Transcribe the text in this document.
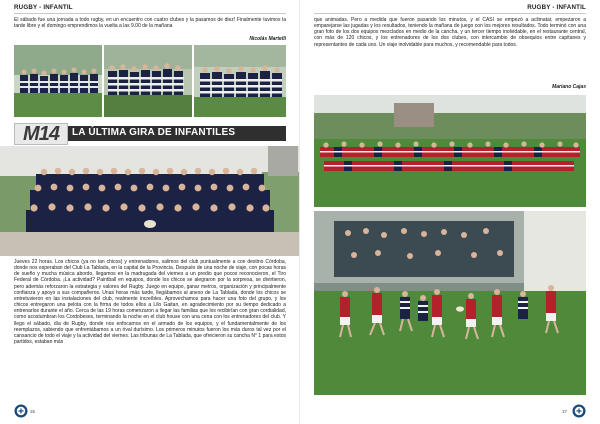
RUGBY - INFANTIL
El sábado fue una jornada a todo rugby, en un encuentro con cuatro clubes y la pasamos de diez! Finalmente tuvimos la tarde libre y el domingo emprendimos la vuelta a las 9.00 de la mañana
Nicolás Martelli
M14	LA ÚLTIMA GIRA DE INFANTILES
Jueves 22 horas. Los chicos (ya no tan chicos) y entrenadores, salimos del club puntualmente a con destino Córdoba, donde nos esperaban del Club La Tablada, en la capital de la Provincia. Después de una noche de viaje, con pocas horas de sueño y mucha música abordo, llegamos en la madrugada del viernes a un predio que pocos reconocieron, el Tiro Federal de Córdoba. ¡La actividad? Paintball en equipos, donde los chicos se alegraron por la sorpresa, se divirtieron, pero además reforzaron la estrategia y valores del Rugby. Juego en equipo, ganar metros, organización y principalmente confianza y apoyo a sus compañeros. Unas horas más tarde, llegábamos al anexo de La Tablada, donde los chicos se entretuvieron en las instalaciones del club, realmente increíbles. Aprovechamos para hacer una foto del grupo, y los chicos entregaron una pelota con la firma de todos ellos a Lilo Gaitan, en agradecimiento por su tiempo dedicado a entrenarlos durante el año. Cerca de las 19 horas comenzaron a llegar las familias que los recibirían con gran cordialidad, como acostumbran los Cordobeses, terminando la noche en el club house con una cena con los entrenadores del club. Y llego el sábado, día de Rugby, donde nos enfocamos en el armado de los equipos, y el fundamentalmente de los reemplazos, sabiendo que enfrentábamos a un rival durísimo. Los primeros minutos fueron los más duros tal vez por el cansancio de todo el viaje y la actividad del viernes. Las tribunas de La Tablada, que ofrecieron su cancha N° 1 para estos partidos, estaban más
36
RUGBY - INFANTIL
que animadas. Pero a medida que fueron pasando los minutos, y el CASI se empezó a aclimatar, empezaron a emparejarse las jugadas y los resultados, teniendo la mañana de juego con los mejores resultados. Todo terminó con una gran foto de los dos equipos mezclados en medio de la cancha, y un tercer tiempo inolvidable, en el restaurante central, con más de 120 chicos, y los entrenadores de los dos clubes, con intercambio de obsequios entre capitanes y representantes de cada uno. Un viaje inolvidable para muchos, y recomendable para todos.
Mariano Cajas
37
